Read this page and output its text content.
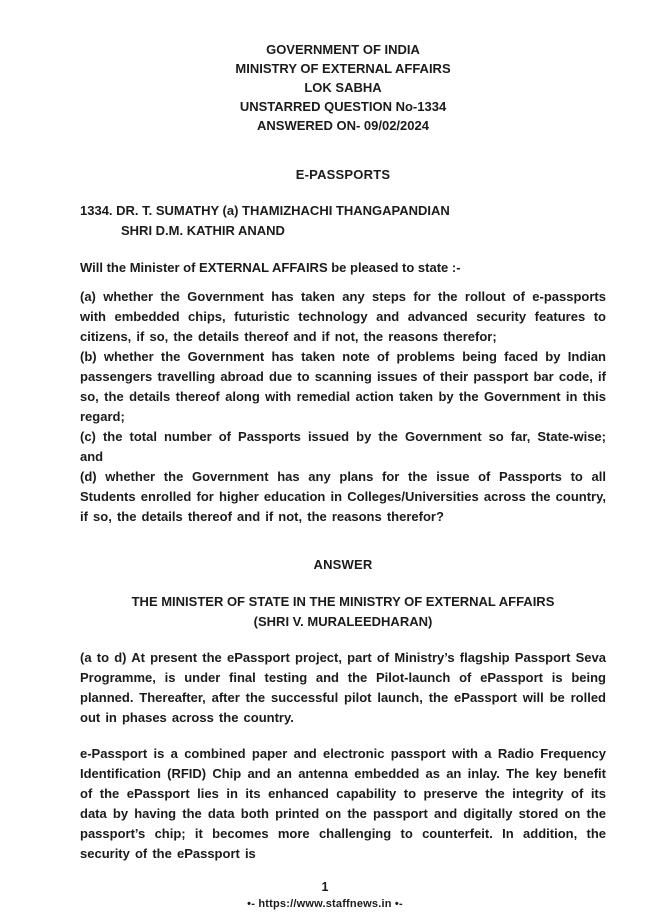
GOVERNMENT OF INDIA
MINISTRY OF EXTERNAL AFFAIRS
LOK SABHA
UNSTARRED QUESTION No-1334
ANSWERED ON- 09/02/2024
E-PASSPORTS
1334. DR. T. SUMATHY (a) THAMIZHACHI THANGAPANDIAN
SHRI D.M. KATHIR ANAND
Will the Minister of EXTERNAL AFFAIRS be pleased to state :-

(a) whether the Government has taken any steps for the rollout of e-passports with embedded chips, futuristic technology and advanced security features to citizens, if so, the details thereof and if not, the reasons therefor;

(b) whether the Government has taken note of problems being faced by Indian passengers travelling abroad due to scanning issues of their passport bar code, if so, the details thereof along with remedial action taken by the Government in this regard;

(c) the total number of Passports issued by the Government so far, State-wise; and

(d) whether the Government has any plans for the issue of Passports to all Students enrolled for higher education in Colleges/Universities across the country, if so, the details thereof and if not, the reasons therefor?

ANSWER
THE MINISTER OF STATE IN THE MINISTRY OF EXTERNAL AFFAIRS
(SHRI V. MURALEEDHARAN)

(a to d) At present the ePassport project, part of Ministry’s flagship Passport Seva Programme, is under final testing and the Pilot-launch of ePassport is being planned. Thereafter, after the successful pilot launch, the ePassport will be rolled out in phases across the country.

e-Passport is a combined paper and electronic passport with a Radio Frequency Identification (RFID) Chip and an antenna embedded as an inlay. The key benefit of the ePassport lies in its enhanced capability to preserve the integrity of its data by having the data both printed on the passport and digitally stored on the passport’s chip; it becomes more challenging to counterfeit. In addition, the security of the ePassport is

1
•- https://www.staffnews.in •-
